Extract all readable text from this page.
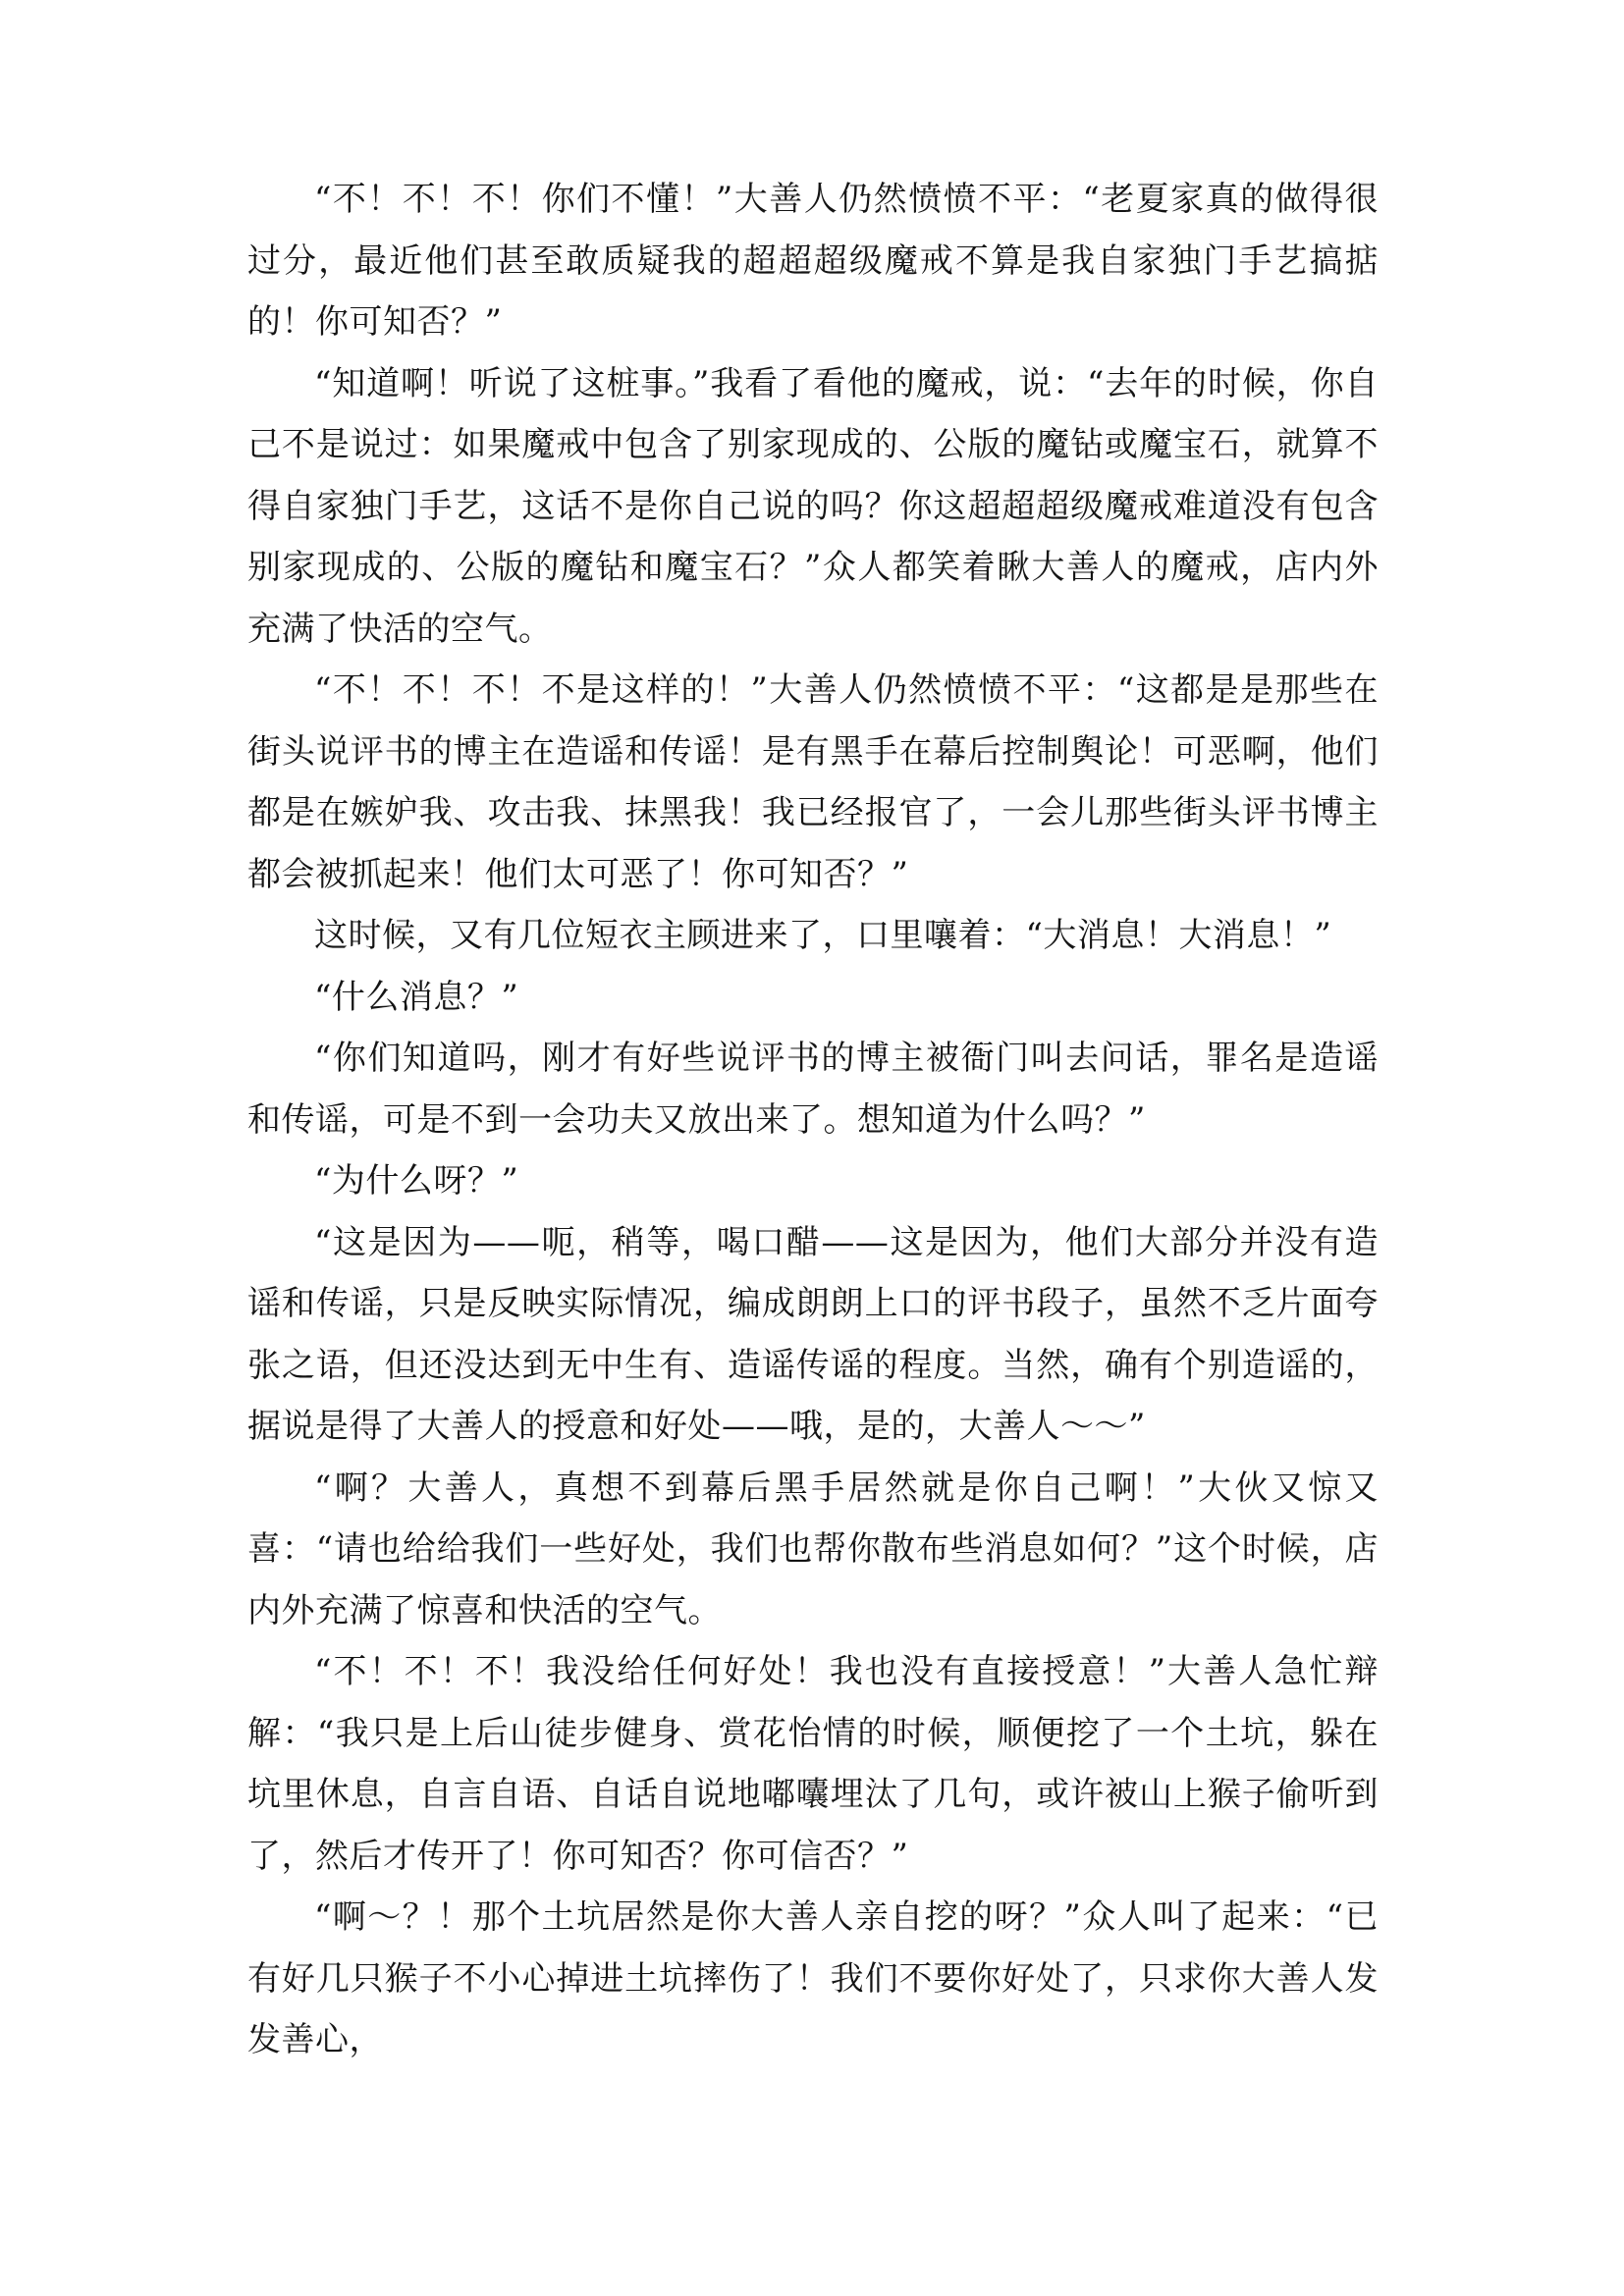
“不！不！不！你们不懂！”大善人仍然愤愤不平：“老夏家真的做得很过分，最近他们甚至敢质疑我的超超超级魔戒不算是我自家独门手艺搞掂的！你可知否？”

“知道啊！听说了这桩事。”我看了看他的魔戒，说：“去年的时候，你自己不是说过：如果魔戒中包含了别家现成的、公版的魔钻或魔宝石，就算不得自家独门手艺，这话不是你自己说的吗？你这超超超级魔戒难道没有包含别家现成的、公版的魔钻和魔宝石？”众人都笑着瞅大善人的魔戒，店内外充满了快活的空气。

“不！不！不！不是这样的！”大善人仍然愤愤不平：“这都是是那些在街头说评书的博主在造谣和传谣！是有黑手在幕后控制舆论！可恶啊，他们都是在嫉妒我、攻击我、抹黑我！我已经报官了，一会儿那些街头评书博主都会被抓起来！他们太可恶了！你可知否？”

这时候，又有几位短衣主顾进来了，口里嚷着：“大消息！大消息！”

“什么消息？”

“你们知道吗，刚才有好些说评书的博主被衙门叫去问话，罪名是造谣和传谣，可是不到一会功夫又放出来了。想知道为什么吗？”

“为什么呀？”

“这是因为——呃，稍等，喝口醋——这是因为，他们大部分并没有造谣和传谣，只是反映实际情况，编成朗朗上口的评书段子，虽然不乏片面夸张之语，但还没达到无中生有、造谣传谣的程度。当然，确有个别造谣的，据说是得了大善人的授意和好处——哦，是的，大善人～～”

“啊？大善人，真想不到幕后黑手居然就是你自己啊！”大伙又惊又喜：“请也给给我们一些好处，我们也帮你散布些消息如何？”这个时候，店内外充满了惊喜和快活的空气。

“不！不！不！我没给任何好处！我也没有直接授意！”大善人急忙辩解：“我只是上后山徒步健身、赏花怡情的时候，顺便挖了一个土坑，躲在坑里休息，自言自语、自话自说地嘟囔埋汰了几句，或许被山上猴子偷听到了，然后才传开了！你可知否？你可信否？”

“啊～？！那个土坑居然是你大善人亲自挖的呀？”众人叫了起来：“已有好几只猴子不小心掉进土坑摔伤了！我们不要你好处了，只求你大善人发发善心，
